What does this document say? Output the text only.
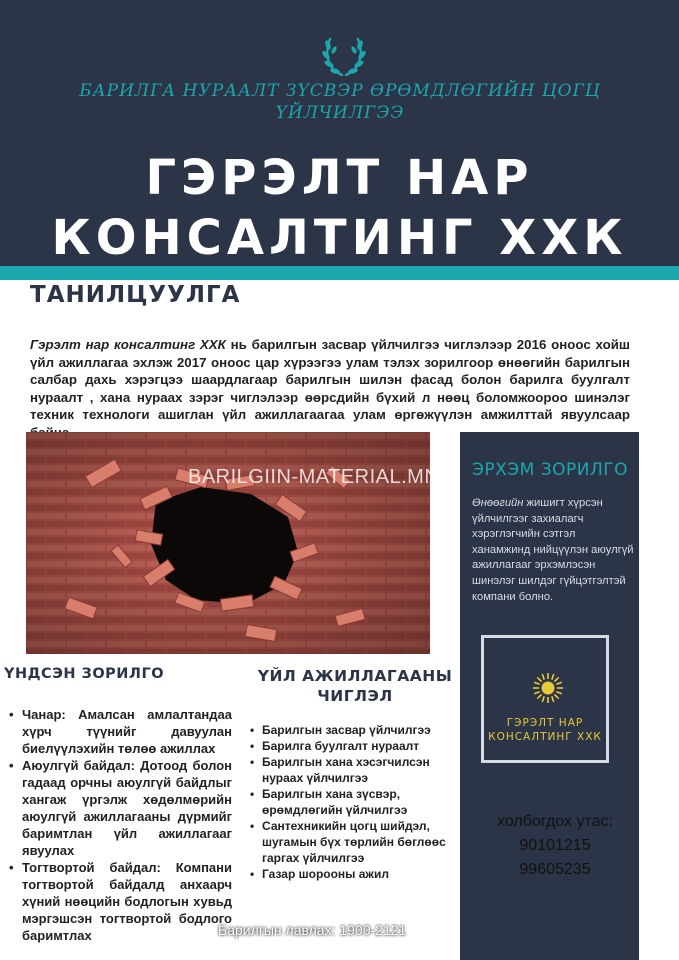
БАРИЛГА НУРААЛТ ЗҮСВЭР ӨРӨМДЛӨГИЙН ЦОГЦ ҮЙЛЧИЛГЭЭ
ГЭРЭЛТ НАР
КОНСАЛТИНГ ХХК
ТАНИЛЦУУЛГА
Гэрэлт нар консалтинг ХХК нь барилгын засвар үйлчилгээ чиглэлээр 2016 оноос хойш үйл ажиллагаа эхлэж 2017 оноос цар хүрээгээ улам тэлэх зорилгоор өнөөгийн барилгын салбар дахь хэрэгцээ шаардлагаар барилгын шилэн фасад болон барилга буулгалт нураалт , хана нураах зэрэг чиглэлээр өөрсдийн бүхий л нөөц боломжоороо шинэлэг техник технологи ашиглан үйл ажиллагаагаа улам өргөжүүлэн амжилттай явуулсаар
BARILGIIN-MATERIAL.MN ЭРХЭМ ЗОРИЛГО
Өнөөгийн жишигт хүрсэн үйлчилгээг захиалагч хэрэглэгчийн сэтгэл ханамжинд нийцүүлэн аюулгүй ажиллагааг эрхэмлэсэн шинэлэг шилдэг гүйцэтгэлтэй компани болно.
ГЭРЭЛТ НАР
КОНСАЛТИНГ ХХК
холбогдох утас:
90101215
99605235
ҮНДСЭН ЗОРИЛГО
• Чанар: Амалсан амлалтандаа хүрч түүнийг давуулан биелүүлэхийн төлөө ажиллах
• Аюулгүй байдал: Дотоод болон гадаад орчны аюулгүй байдлыг хангаж үргэлж хөдөлмөрийн аюулгүй ажиллагааны дүрмийг баримтлан үйл ажиллагааг явуулах
• Тогтвортой байдал: Компани тогтвортой байдалд анхаарч хүний нөөцийн бодлогын хувьд мэргэшсэн тогтвортой бодлого баримтлах
ҮЙЛ АЖИЛЛАГААНЫ ЧИГЛЭЛ
• Барилгын засвар үйлчилгээ
• Барилга буулгалт нураалт
• Барилгын хана хэсэгчилсэн нураах үйлчилгээ
• Барилгын хана зүсвэр, өрөмдлөгийн үйлчилгээ
• Сантехникийн цогц шийдэл, шугамын бүх төрлийн бөглөөс
гаргах үйлчилгээ
• Газар шорооны ажил
Барилгын лавлах: 1900-2121
